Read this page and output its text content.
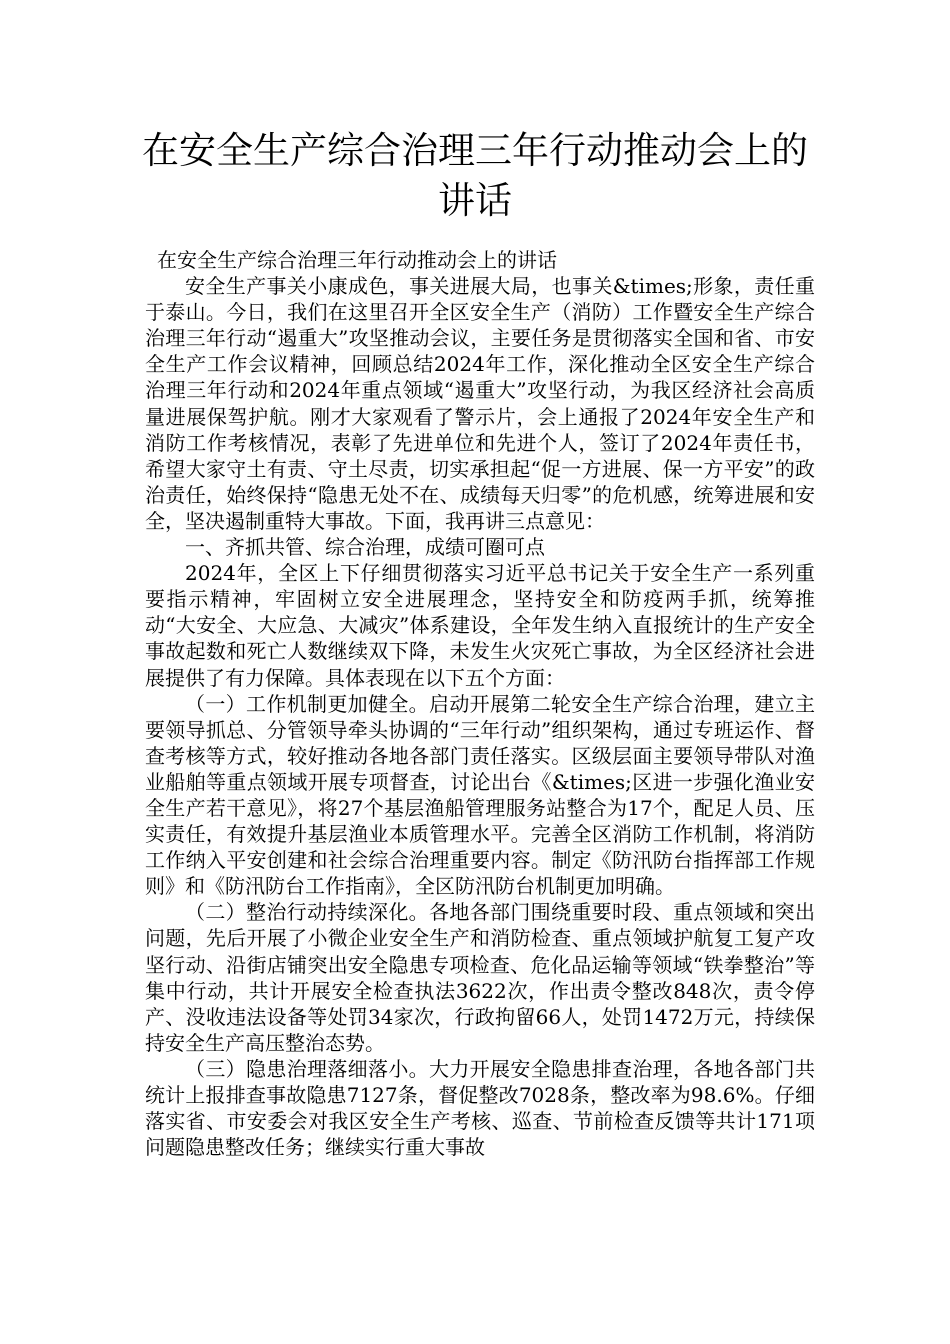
在安全生产综合治理三年行动推动会上的
讲话

在安全生产综合治理三年行动推动会上的讲话

安全生产事关小康成色，事关进展大局，也事关&times;形象，责任重于泰山。今日，我们在这里召开全区安全生产（消防）工作暨安全生产综合治理三年行动“遏重大”攻坚推动会议，主要任务是贯彻落实全国和省、市安全生产工作会议精神，回顾总结2024年工作，深化推动全区安全生产综合治理三年行动和2024年重点领域“遏重大”攻坚行动，为我区经济社会高质量进展保驾护航。刚才大家观看了警示片，会上通报了2024年安全生产和消防工作考核情况，表彰了先进单位和先进个人，签订了2024年责任书，希望大家守土有责、守土尽责，切实承担起“促一方进展、保一方平安”的政治责任，始终保持“隐患无处不在、成绩每天归零”的危机感，统筹进展和安全，坚决遏制重特大事故。下面，我再讲三点意见：

一、齐抓共管、综合治理，成绩可圈可点

2024年，全区上下仔细贯彻落实习近平总书记关于安全生产一系列重要指示精神，牢固树立安全进展理念，坚持安全和防疫两手抓，统筹推动“大安全、大应急、大减灾”体系建设，全年发生纳入直报统计的生产安全事故起数和死亡人数继续双下降，未发生火灾死亡事故，为全区经济社会进展提供了有力保障。具体表现在以下五个方面：

（一）工作机制更加健全。启动开展第二轮安全生产综合治理，建立主要领导抓总、分管领导牵头协调的“三年行动”组织架构，通过专班运作、督查考核等方式，较好推动各地各部门责任落实。区级层面主要领导带队对渔业船舶等重点领域开展专项督查，讨论出台《&times;区进一步强化渔业安全生产若干意见》，将27个基层渔船管理服务站整合为17个，配足人员、压实责任，有效提升基层渔业本质管理水平。完善全区消防工作机制，将消防工作纳入平安创建和社会综合治理重要内容。制定《防汛防台指挥部工作规则》和《防汛防台工作指南》，全区防汛防台机制更加明确。

（二）整治行动持续深化。各地各部门围绕重要时段、重点领域和突出问题，先后开展了小微企业安全生产和消防检查、重点领域护航复工复产攻坚行动、沿街店铺突出安全隐患专项检查、危化品运输等领域“铁拳整治”等集中行动，共计开展安全检查执法3622次，作出责令整改848次，责令停产、没收违法设备等处罚34家次，行政拘留66人，处罚1472万元，持续保持安全生产高压整治态势。

（三）隐患治理落细落小。大力开展安全隐患排查治理，各地各部门共统计上报排查事故隐患7127条，督促整改7028条，整改率为98.6%。仔细落实省、市安委会对我区安全生产考核、巡查、节前检查反馈等共计171项问题隐患整改任务；继续实行重大事故
